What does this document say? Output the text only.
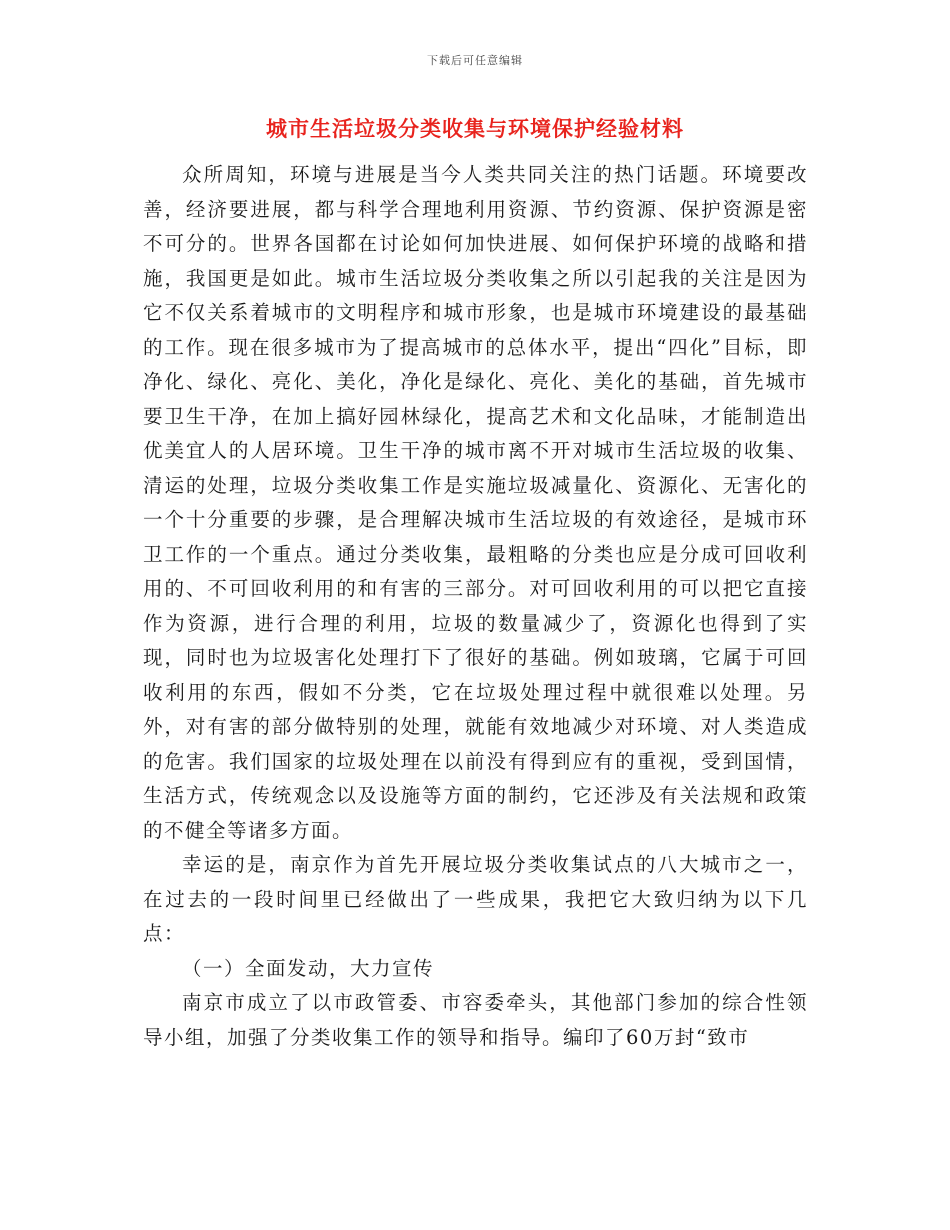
下载后可任意编辑
城市生活垃圾分类收集与环境保护经验材料

众所周知，环境与进展是当今人类共同关注的热门话题。环境要改善，经济要进展，都与科学合理地利用资源、节约资源、保护资源是密不可分的。世界各国都在讨论如何加快进展、如何保护环境的战略和措施，我国更是如此。城市生活垃圾分类收集之所以引起我的关注是因为它不仅关系着城市的文明程序和城市形象，也是城市环境建设的最基础的工作。现在很多城市为了提高城市的总体水平，提出“四化”目标，即净化、绿化、亮化、美化，净化是绿化、亮化、美化的基础，首先城市要卫生干净，在加上搞好园林绿化，提高艺术和文化品味，才能制造出优美宜人的人居环境。卫生干净的城市离不开对城市生活垃圾的收集、清运的处理，垃圾分类收集工作是实施垃圾减量化、资源化、无害化的一个十分重要的步骤，是合理解决城市生活垃圾的有效途径，是城市环卫工作的一个重点。通过分类收集，最粗略的分类也应是分成可回收利用的、不可回收利用的和有害的三部分。对可回收利用的可以把它直接作为资源，进行合理的利用，垃圾的数量减少了，资源化也得到了实现，同时也为垃圾害化处理打下了很好的基础。例如玻璃，它属于可回收利用的东西，假如不分类，它在垃圾处理过程中就很难以处理。另外，对有害的部分做特别的处理，就能有效地减少对环境、对人类造成的危害。我们国家的垃圾处理在以前没有得到应有的重视，受到国情，生活方式，传统观念以及设施等方面的制约，它还涉及有关法规和政策的不健全等诸多方面。

幸运的是，南京作为首先开展垃圾分类收集试点的八大城市之一，在过去的一段时间里已经做出了一些成果，我把它大致归纳为以下几点：

（一）全面发动，大力宣传

南京市成立了以市政管委、市容委牵头，其他部门参加的综合性领导小组，加强了分类收集工作的领导和指导。编印了60万封“致市
